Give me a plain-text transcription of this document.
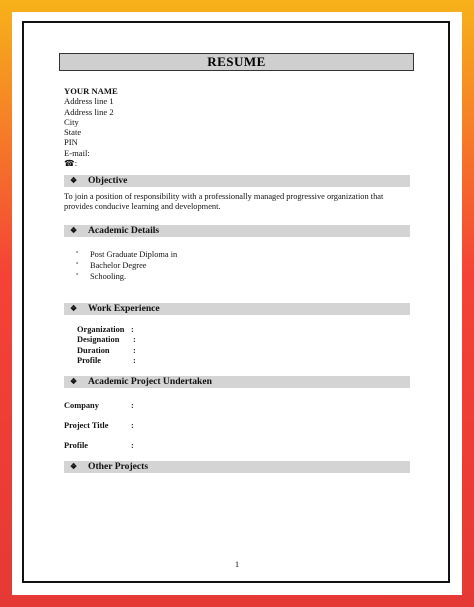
RESUME
YOUR NAME
Address line 1
Address line 2
City
State
PIN
E-mail:
☎:
❖ Objective
To join a position of responsibility with a professionally managed progressive organization that provides conducive learning and development.
❖ Academic Details
° Post Graduate Diploma in
° Bachelor Degree
° Schooling.
❖ Work Experience
Organization :
Designation :
Duration	:
Profile	:
❖ Academic Project Undertaken
Company	:
Project Title	:
Profile	:
❖ Other Projects
1
